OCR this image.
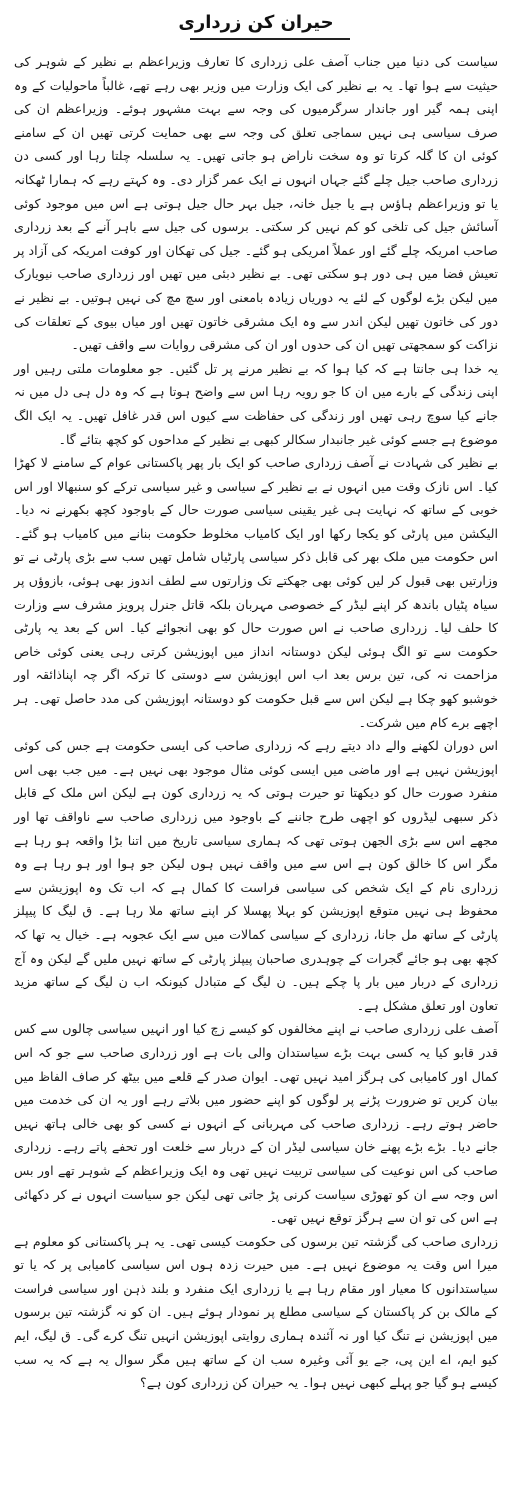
حیران کن زرداری

سیاست کی دنیا میں جناب آصف علی زرداری کا تعارف وزیراعظم بے نظیر کے شوہر کی حیثیت سے ہوا تھا۔ یہ بے نظیر کی ایک وزارت میں وزیر بھی رہے تھے، غالباً ماحولیات کے وہ اپنی ہمہ گیر اور جاندار سرگرمیوں کی وجہ سے بہت مشہور ہوئے۔ وزیراعظم ان کی صرف سیاسی ہی نہیں سماجی تعلق کی وجہ سے بھی حمایت کرتی تھیں ان کے سامنے کوئی ان کا گلہ کرتا تو وہ سخت ناراض ہو جاتی تھیں۔ یہ سلسلہ چلتا رہا اور کسی دن زرداری صاحب جیل چلے گئے جہاں انہوں نے ایک عمر گزار دی۔ وہ کہتے رہے کہ ہمارا ٹھکانہ یا تو وزیراعظم ہاؤس ہے یا جیل خانہ، جیل بہر حال جیل ہوتی ہے اس میں موجود کوئی آسائش جیل کی تلخی کو کم نہیں کر سکتی۔ برسوں کی جیل سے باہر آنے کے بعد زرداری صاحب امریکہ چلے گئے اور عملاً امریکی ہو گئے۔ جیل کی تھکان اور کوفت امریکہ کی آزاد پر تعیش فضا میں ہی دور ہو سکتی تھی۔ بے نظیر دبئی میں تھیں اور زرداری صاحب نیویارک میں لیکن بڑے لوگوں کے لئے یہ دوریاں زیادہ بامعنی اور سچ مچ کی نہیں ہوتیں۔ بے نظیر نے دور کی خاتون تھیں لیکن اندر سے وہ ایک مشرقی خاتون تھیں اور میاں بیوی کے تعلقات کی نزاکت کو سمجھتی تھیں ان کی حدوں اور ان کی مشرقی روایات سے واقف تھیں۔

یہ خدا ہی جانتا ہے کہ کیا ہوا کہ بے نظیر مرنے پر تل گئیں۔ جو معلومات ملتی رہیں اور اپنی زندگی کے بارے میں ان کا جو رویہ رہا اس سے واضح ہوتا ہے کہ وہ دل ہی دل میں نہ جانے کیا سوچ رہی تھیں اور زندگی کی حفاظت سے کیوں اس قدر غافل تھیں۔ یہ ایک الگ موضوع ہے جسے کوئی غیر جانبدار سکالر کبھی بے نظیر کے مداحوں کو کچھ بتائے گا۔

بے نظیر کی شہادت نے آصف زرداری صاحب کو ایک بار پھر پاکستانی عوام کے سامنے لا کھڑا کیا۔ اس نازک وقت میں انہوں نے بے نظیر کے سیاسی و غیر سیاسی ترکے کو سنبھالا اور اس خوبی کے ساتھ کہ نہایت ہی غیر یقینی سیاسی صورت حال کے باوجود کچھ بکھرنے نہ دیا۔ الیکشن میں پارٹی کو یکجا رکھا اور ایک کامیاب مخلوط حکومت بنانے میں کامیاب ہو گئے۔ اس حکومت میں ملک بھر کی قابل ذکر سیاسی پارٹیاں شامل تھیں سب سے بڑی پارٹی نے تو وزارتیں بھی قبول کر لیں کوئی بھی جھکتے تک وزارتوں سے لطف اندوز بھی ہوئی، بازوؤں پر سیاہ پٹیاں باندھ کر اپنے لیڈر کے خصوصی مہربان بلکہ قاتل جنرل پرویز مشرف سے وزارت کا حلف لیا۔ زرداری صاحب نے اس صورت حال کو بھی انجوائے کیا۔ اس کے بعد یہ پارٹی حکومت سے تو الگ ہوئی لیکن دوستانہ انداز میں اپوزیشن کرتی رہی یعنی کوئی خاص مزاحمت نہ کی، تین برس بعد اب اس اپوزیشن سے دوستی کا ترکہ اگر چہ اپناذائقہ اور خوشبو کھو چکا ہے لیکن اس سے قبل حکومت کو دوستانہ اپوزیشن کی مدد حاصل تھی۔ ہر اچھے برے کام میں شرکت۔

اس دوران لکھنے والے داد دیتے رہے کہ زرداری صاحب کی ایسی حکومت ہے جس کی کوئی اپوزیشن نہیں ہے اور ماضی میں ایسی کوئی مثال موجود بھی نہیں ہے۔ میں جب بھی اس منفرد صورت حال کو دیکھتا تو حیرت ہوتی کہ یہ زرداری کون ہے لیکن اس ملک کے قابل ذکر سبھی لیڈروں کو اچھی طرح جاننے کے باوجود میں زرداری صاحب سے ناواقف تھا اور مجھے اس سے بڑی الجھن ہوتی تھی کہ ہماری سیاسی تاریخ میں اتنا بڑا واقعہ ہو رہا ہے مگر اس کا خالق کون ہے اس سے میں واقف نہیں ہوں لیکن جو ہوا اور ہو رہا ہے وہ زرداری نام کے ایک شخص کی سیاسی فراست کا کمال ہے کہ اب تک وہ اپوزیشن سے محفوظ ہی نہیں متوقع اپوزیشن کو بہلا پھسلا کر اپنے ساتھ ملا رہا ہے۔ ق لیگ کا پیپلز پارٹی کے ساتھ مل جانا، زرداری کے سیاسی کمالات میں سے ایک عجوبہ ہے۔ خیال یہ تھا کہ کچھ بھی ہو جائے گجرات کے چوہدری صاحبان پیپلز پارٹی کے ساتھ نہیں ملیں گے لیکن وہ آج زرداری کے دربار میں بار پا چکے ہیں۔ ن لیگ کے متبادل کیونکہ اب ن لیگ کے ساتھ مزید تعاون اور تعلق مشکل ہے۔

آصف علی زرداری صاحب نے اپنے مخالفوں کو کیسے زچ کیا اور انہیں سیاسی چالوں سے کس قدر قابو کیا یہ کسی بہت بڑے سیاستدان والی بات ہے اور زرداری صاحب سے جو کہ اس کمال اور کامیابی کی ہرگز امید نہیں تھی۔ ایوان صدر کے قلعے میں بیٹھ کر صاف الفاظ میں بیان کریں تو ضرورت پڑنے پر لوگوں کو اپنے حضور میں بلاتے رہے اور یہ ان کی خدمت میں حاضر ہوتے رہے۔ زرداری صاحب کی مہربانی کے انہوں نے کسی کو بھی خالی ہاتھ نہیں جانے دیا۔ بڑے بڑے پھنے خان سیاسی لیڈر ان کے دربار سے خلعت اور تحفے پاتے رہے۔ زرداری صاحب کی اس نوعیت کی سیاسی تربیت نہیں تھی وہ ایک وزیراعظم کے شوہر تھے اور بس اس وجہ سے ان کو تھوڑی سیاست کرنی پڑ جاتی تھی لیکن جو سیاست انہوں نے کر دکھائی ہے اس کی تو ان سے ہرگز توقع نہیں تھی۔

زرداری صاحب کی گزشتہ تین برسوں کی حکومت کیسی تھی۔ یہ ہر پاکستانی کو معلوم ہے میرا اس وقت یہ موضوع نہیں ہے۔ میں حیرت زدہ ہوں اس سیاسی کامیابی پر کہ یا تو سیاستدانوں کا معیار اور مقام رہا ہے یا زرداری ایک منفرد و بلند ذہن اور سیاسی فراست کے مالک بن کر پاکستان کے سیاسی مطلع پر نمودار ہوئے ہیں۔ ان کو نہ گزشتہ تین برسوں میں اپوزیشن نے تنگ کیا اور نہ آئندہ ہماری روایتی اپوزیشن انہیں تنگ کرے گی۔ ق لیگ، ایم کیو ایم، اے این پی، جے یو آئی وغیرہ سب ان کے ساتھ ہیں مگر سوال یہ ہے کہ یہ سب کیسے ہو گیا جو پہلے کبھی نہیں ہوا۔ یہ حیران کن زرداری کون ہے؟
